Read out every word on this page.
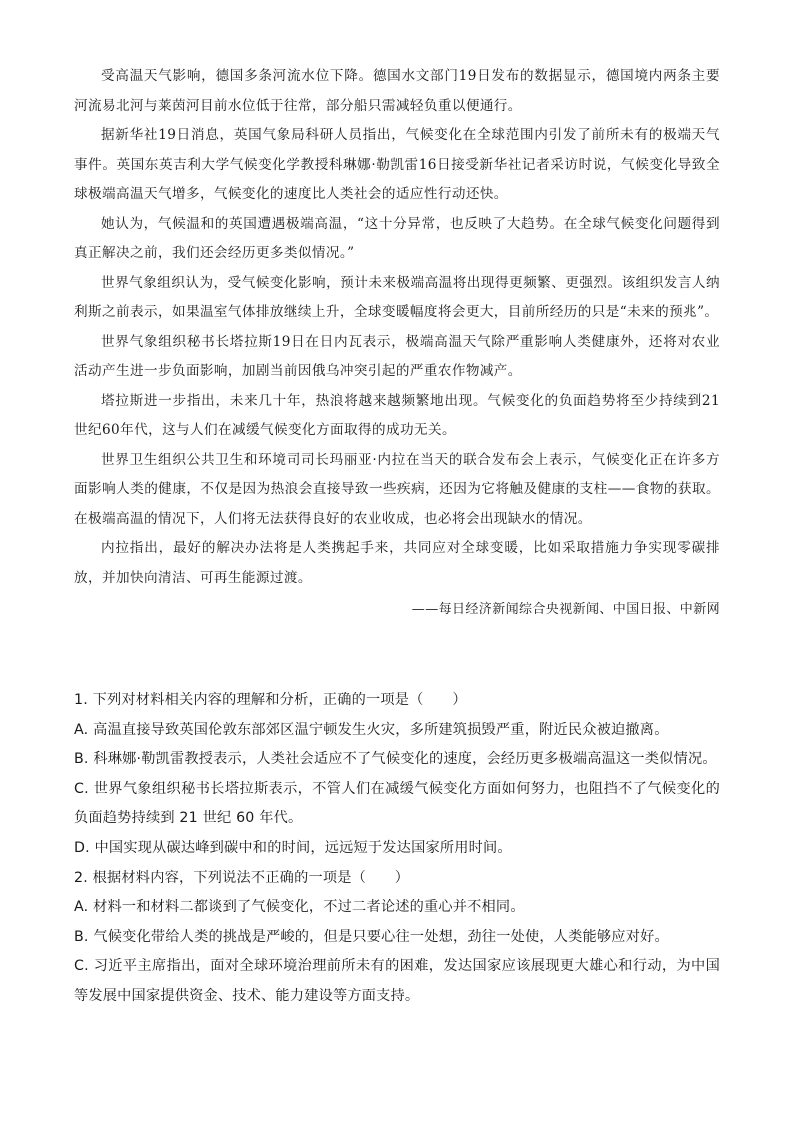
受高温天气影响，德国多条河流水位下降。德国水文部门19日发布的数据显示，德国境内两条主要河流易北河与莱茵河目前水位低于往常，部分船只需减轻负重以便通行。

据新华社19日消息，英国气象局科研人员指出，气候变化在全球范围内引发了前所未有的极端天气事件。英国东英吉利大学气候变化学教授科琳娜·勒凯雷16日接受新华社记者采访时说，气候变化导致全球极端高温天气增多，气候变化的速度比人类社会的适应性行动还快。

她认为，气候温和的英国遭遇极端高温，“这十分异常，也反映了大趋势。在全球气候变化问题得到真正解决之前，我们还会经历更多类似情况。”

世界气象组织认为，受气候变化影响，预计未来极端高温将出现得更频繁、更强烈。该组织发言人纳利斯之前表示，如果温室气体排放继续上升，全球变暖幅度将会更大，目前所经历的只是“未来的预兆”。

世界气象组织秘书长塔拉斯19日在日内瓦表示，极端高温天气除严重影响人类健康外，还将对农业活动产生进一步负面影响，加剧当前因俄乌冲突引起的严重农作物减产。

塔拉斯进一步指出，未来几十年，热浪将越来越频繁地出现。气候变化的负面趋势将至少持续到21世纪60年代，这与人们在减缓气候变化方面取得的成功无关。

世界卫生组织公共卫生和环境司司长玛丽亚·内拉在当天的联合发布会上表示，气候变化正在许多方面影响人类的健康，不仅是因为热浪会直接导致一些疾病，还因为它将触及健康的支柱——食物的获取。在极端高温的情况下，人们将无法获得良好的农业收成，也必将会出现缺水的情况。

内拉指出，最好的解决办法将是人类携起手来，共同应对全球变暖，比如采取措施力争实现零碳排放，并加快向清洁、可再生能源过渡。

——每日经济新闻综合央视新闻、中国日报、中新网

1. 下列对材料相关内容的理解和分析，正确的一项是（　　）

A. 高温直接导致英国伦敦东部郊区温宁顿发生火灾，多所建筑损毁严重，附近民众被迫撤离。

B. 科琳娜·勒凯雷教授表示，人类社会适应不了气候变化的速度，会经历更多极端高温这一类似情况。

C. 世界气象组织秘书长塔拉斯表示，不管人们在减缓气候变化方面如何努力，也阻挡不了气候变化的负面趋势持续到 21 世纪 60 年代。

D. 中国实现从碳达峰到碳中和的时间，远远短于发达国家所用时间。

2. 根据材料内容，下列说法不正确的一项是（　　）

A. 材料一和材料二都谈到了气候变化，不过二者论述的重心并不相同。

B. 气候变化带给人类的挑战是严峻的，但是只要心往一处想，劲往一处使，人类能够应对好。

C. 习近平主席指出，面对全球环境治理前所未有的困难，发达国家应该展现更大雄心和行动，为中国等发展中国家提供资金、技术、能力建设等方面支持。
